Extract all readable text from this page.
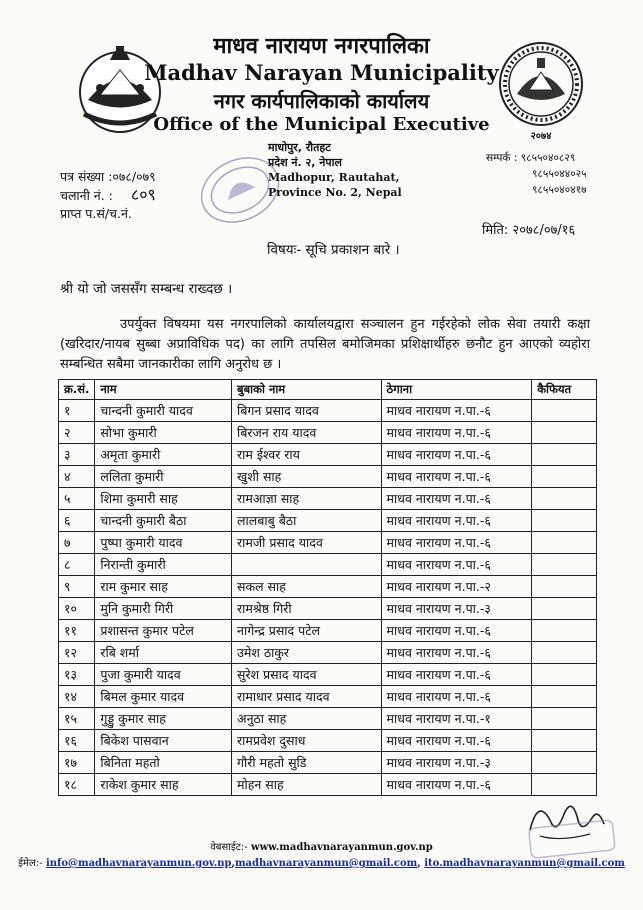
२०७४
माधव नारायण नगरपालिका
Madhav Narayan Municipality
नगर कार्यपालिकाको कार्यालय
Office of the Municipal Executive
माधोपुर, रौतहट
प्रदेश नं. २, नेपाल
Madhopur, Rautahat,
Province No. 2, Nepal
पत्र संख्या :०७८/०७९
चलानी नं. : ८०९
प्राप्त प.सं/च.नं.
सम्पर्क : ९८५५०४०८२९
९८५५०४४०२५
९८५५०४०४१७
मिति: २०७८/०७/१६
विषयः- सूचि प्रकाशन बारे ।
श्री यो जो जससँग सम्बन्ध राख्दछ ।
उपर्युक्त विषयमा यस नगरपालिको कार्यालयद्वारा सञ्चालन हुन गईरहेको लोक सेवा तयारी कक्षा (खरिदार/नायब सुब्बा अप्राविधिक पद) का लागि तपसिल बमोजिमका प्रशिक्षार्थीहरु छनौट हुन आएको व्यहोरा सम्बन्धित सबैमा जानकारीका लागि अनुरोध छ ।
क्र.सं.	नाम	बुबाको नाम	ठेगाना	कैफियत
१	चान्दनी कुमारी यादव	बिगन प्रसाद यादव	माधव नारायण न.पा.-६	
२	सोभा कुमारी	बिरजन राय यादव	माधव नारायण न.पा.-६	
३	अमृता कुमारी	राम ईश्वर राय	माधव नारायण न.पा.-६	
४	ललिता कुमारी	खुशी साह	माधव नारायण न.पा.-६	
५	शिमा कुमारी साह	रामआज्ञा साह	माधव नारायण न.पा.-६	
६	चान्दनी कुमारी बैठा	लालबाबु बैठा	माधव नारायण न.पा.-६	
७	पुष्पा कुमारी यादव	रामजी प्रसाद यादव	माधव नारायण न.पा.-६	
८	निरान्ती कुमारी		माधव नारायण न.पा.-६	
९	राम कुमार साह	सकल साह	माधव नारायण न.पा.-२	
१०	मुनि कुमारी गिरी	रामश्रेष्ठ गिरी	माधव नारायण न.पा.-३	
११	प्रशासन्त कुमार पटेल	नागेन्द्र प्रसाद पटेल	माधव नारायण न.पा.-६	
१२	रबि शर्मा	उमेश ठाकुर	माधव नारायण न.पा.-६	
१३	पुजा कुमारी यादव	सुरेश प्रसाद यादव	माधव नारायण न.पा.-६	
१४	बिमल कुमार यादव	रामाधार प्रसाद यादव	माधव नारायण न.पा.-६	
१५	गुड्डु कुमार साह	अनुठा साह	माधव नारायण न.पा.-१	
१६	बिकेश पासवान	रामप्रवेश दुसाध	माधव नारायण न.पा.-६	
१७	बिनिता महतो	गौरी महतो सुडि	माधव नारायण न.पा.-३	
१८	राकेश कुमार साह	मोहन साह	माधव नारायण न.पा.-६	
वेबसाईट:- www.madhavnarayanmun.gov.np
ईमेल:- info@madhavnarayanmun.gov.np,madhavnarayanmun@gmail.com, ito.madhavnarayanmun@gmail.com
